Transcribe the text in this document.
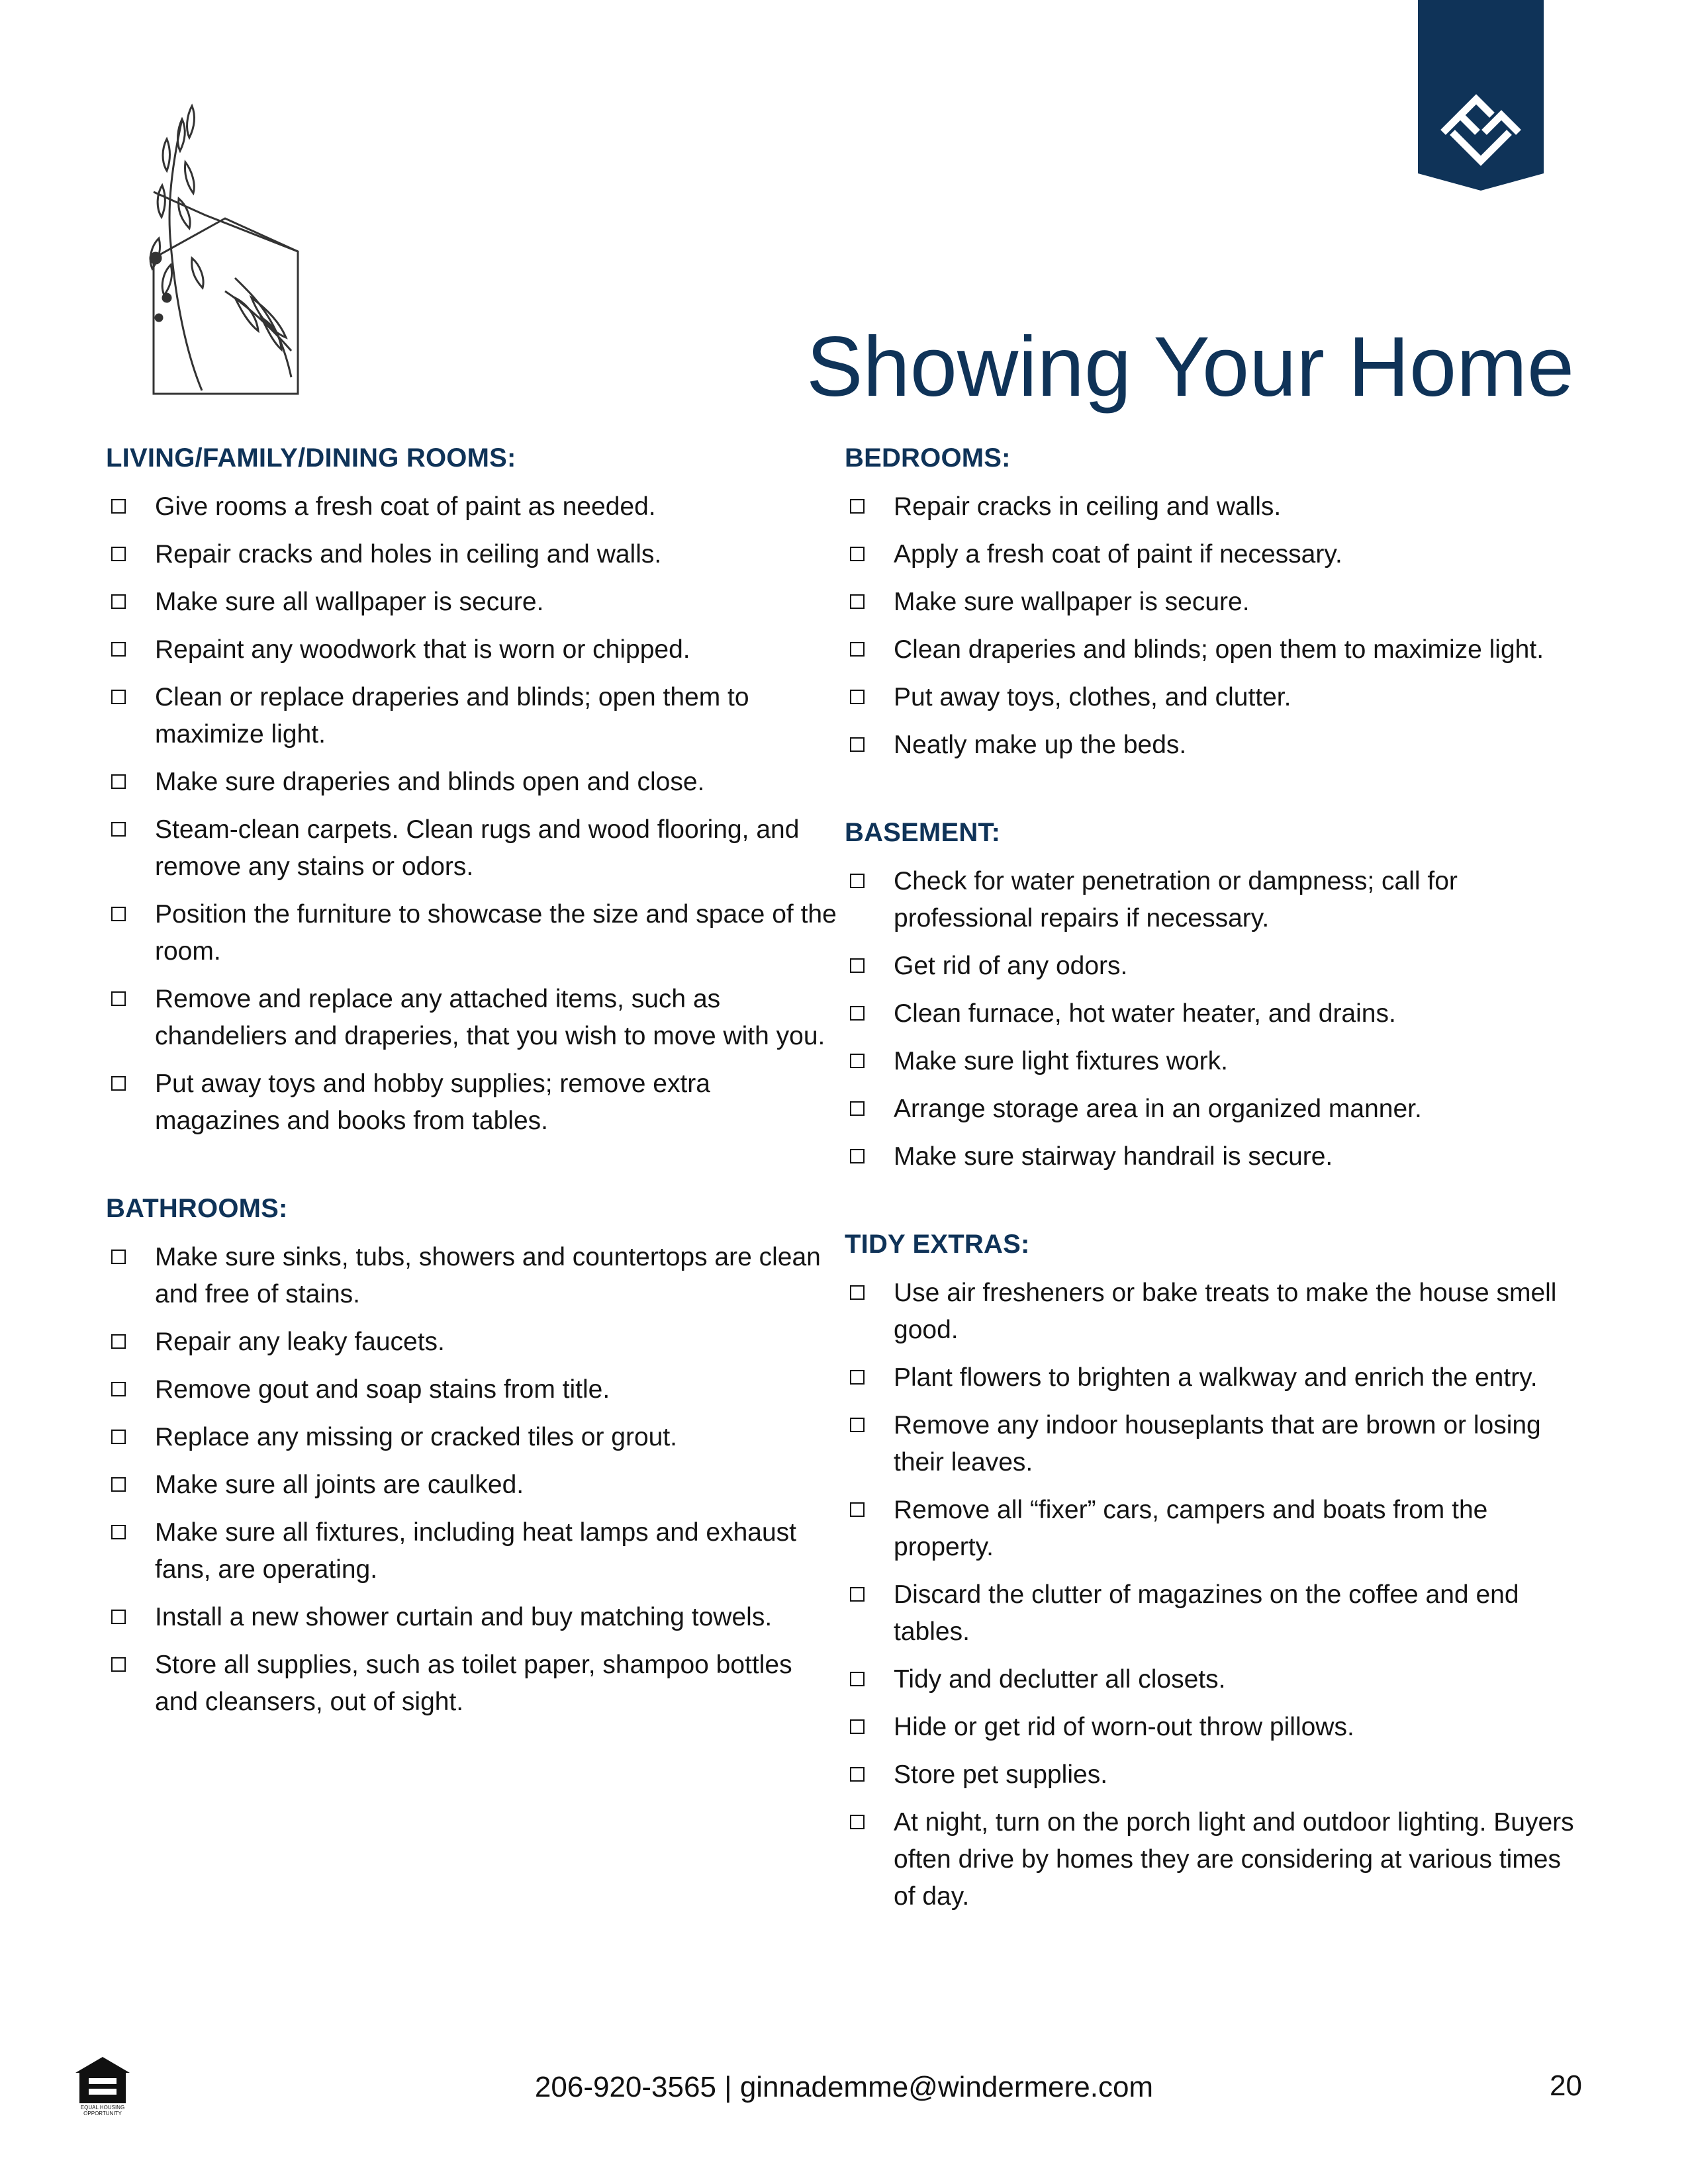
Showing Your Home
LIVING/FAMILY/DINING ROOMS:
Give rooms a fresh coat of paint as needed.
Repair cracks and holes in ceiling and walls.
Make sure all wallpaper is secure.
Repaint any woodwork that is worn or chipped.
Clean or replace draperies and blinds; open them to maximize light.
Make sure draperies and blinds open and close.
Steam-clean carpets. Clean rugs and wood flooring, and remove any stains or odors.
Position the furniture to showcase the size and space of the room.
Remove and replace any attached items, such as chandeliers and draperies, that you wish to move with you.
Put away toys and hobby supplies; remove extra magazines and books from tables.
BATHROOMS:
Make sure sinks, tubs, showers and countertops are clean and free of stains.
Repair any leaky faucets.
Remove gout and soap stains from title.
Replace any missing or cracked tiles or grout.
Make sure all joints are caulked.
Make sure all fixtures, including heat lamps and exhaust fans, are operating.
Install a new shower curtain and buy matching towels.
Store all supplies, such as toilet paper, shampoo bottles and cleansers, out of sight.
BEDROOMS:
Repair cracks in ceiling and walls.
Apply a fresh coat of paint if necessary.
Make sure wallpaper is secure.
Clean draperies and blinds; open them to maximize light.
Put away toys, clothes, and clutter.
Neatly make up the beds.
BASEMENT:
Check for water penetration or dampness; call for professional repairs if necessary.
Get rid of any odors.
Clean furnace, hot water heater, and drains.
Make sure light fixtures work.
Arrange storage area in an organized manner.
Make sure stairway handrail is secure.
TIDY EXTRAS:
Use air fresheners or bake treats to make the house smell good.
Plant flowers to brighten a walkway and enrich the entry.
Remove any indoor houseplants that are brown or losing their leaves.
Remove all “fixer” cars, campers and boats from the property.
Discard the clutter of magazines on the coffee and end tables.
Tidy and declutter all closets.
Hide or get rid of worn-out throw pillows.
Store pet supplies.
At night, turn on the porch light and outdoor lighting. Buyers often drive by homes they are considering at various times of day.
EQUAL HOUSING
OPPORTUNITY
206-920-3565 | ginnademme@windermere.com	20
